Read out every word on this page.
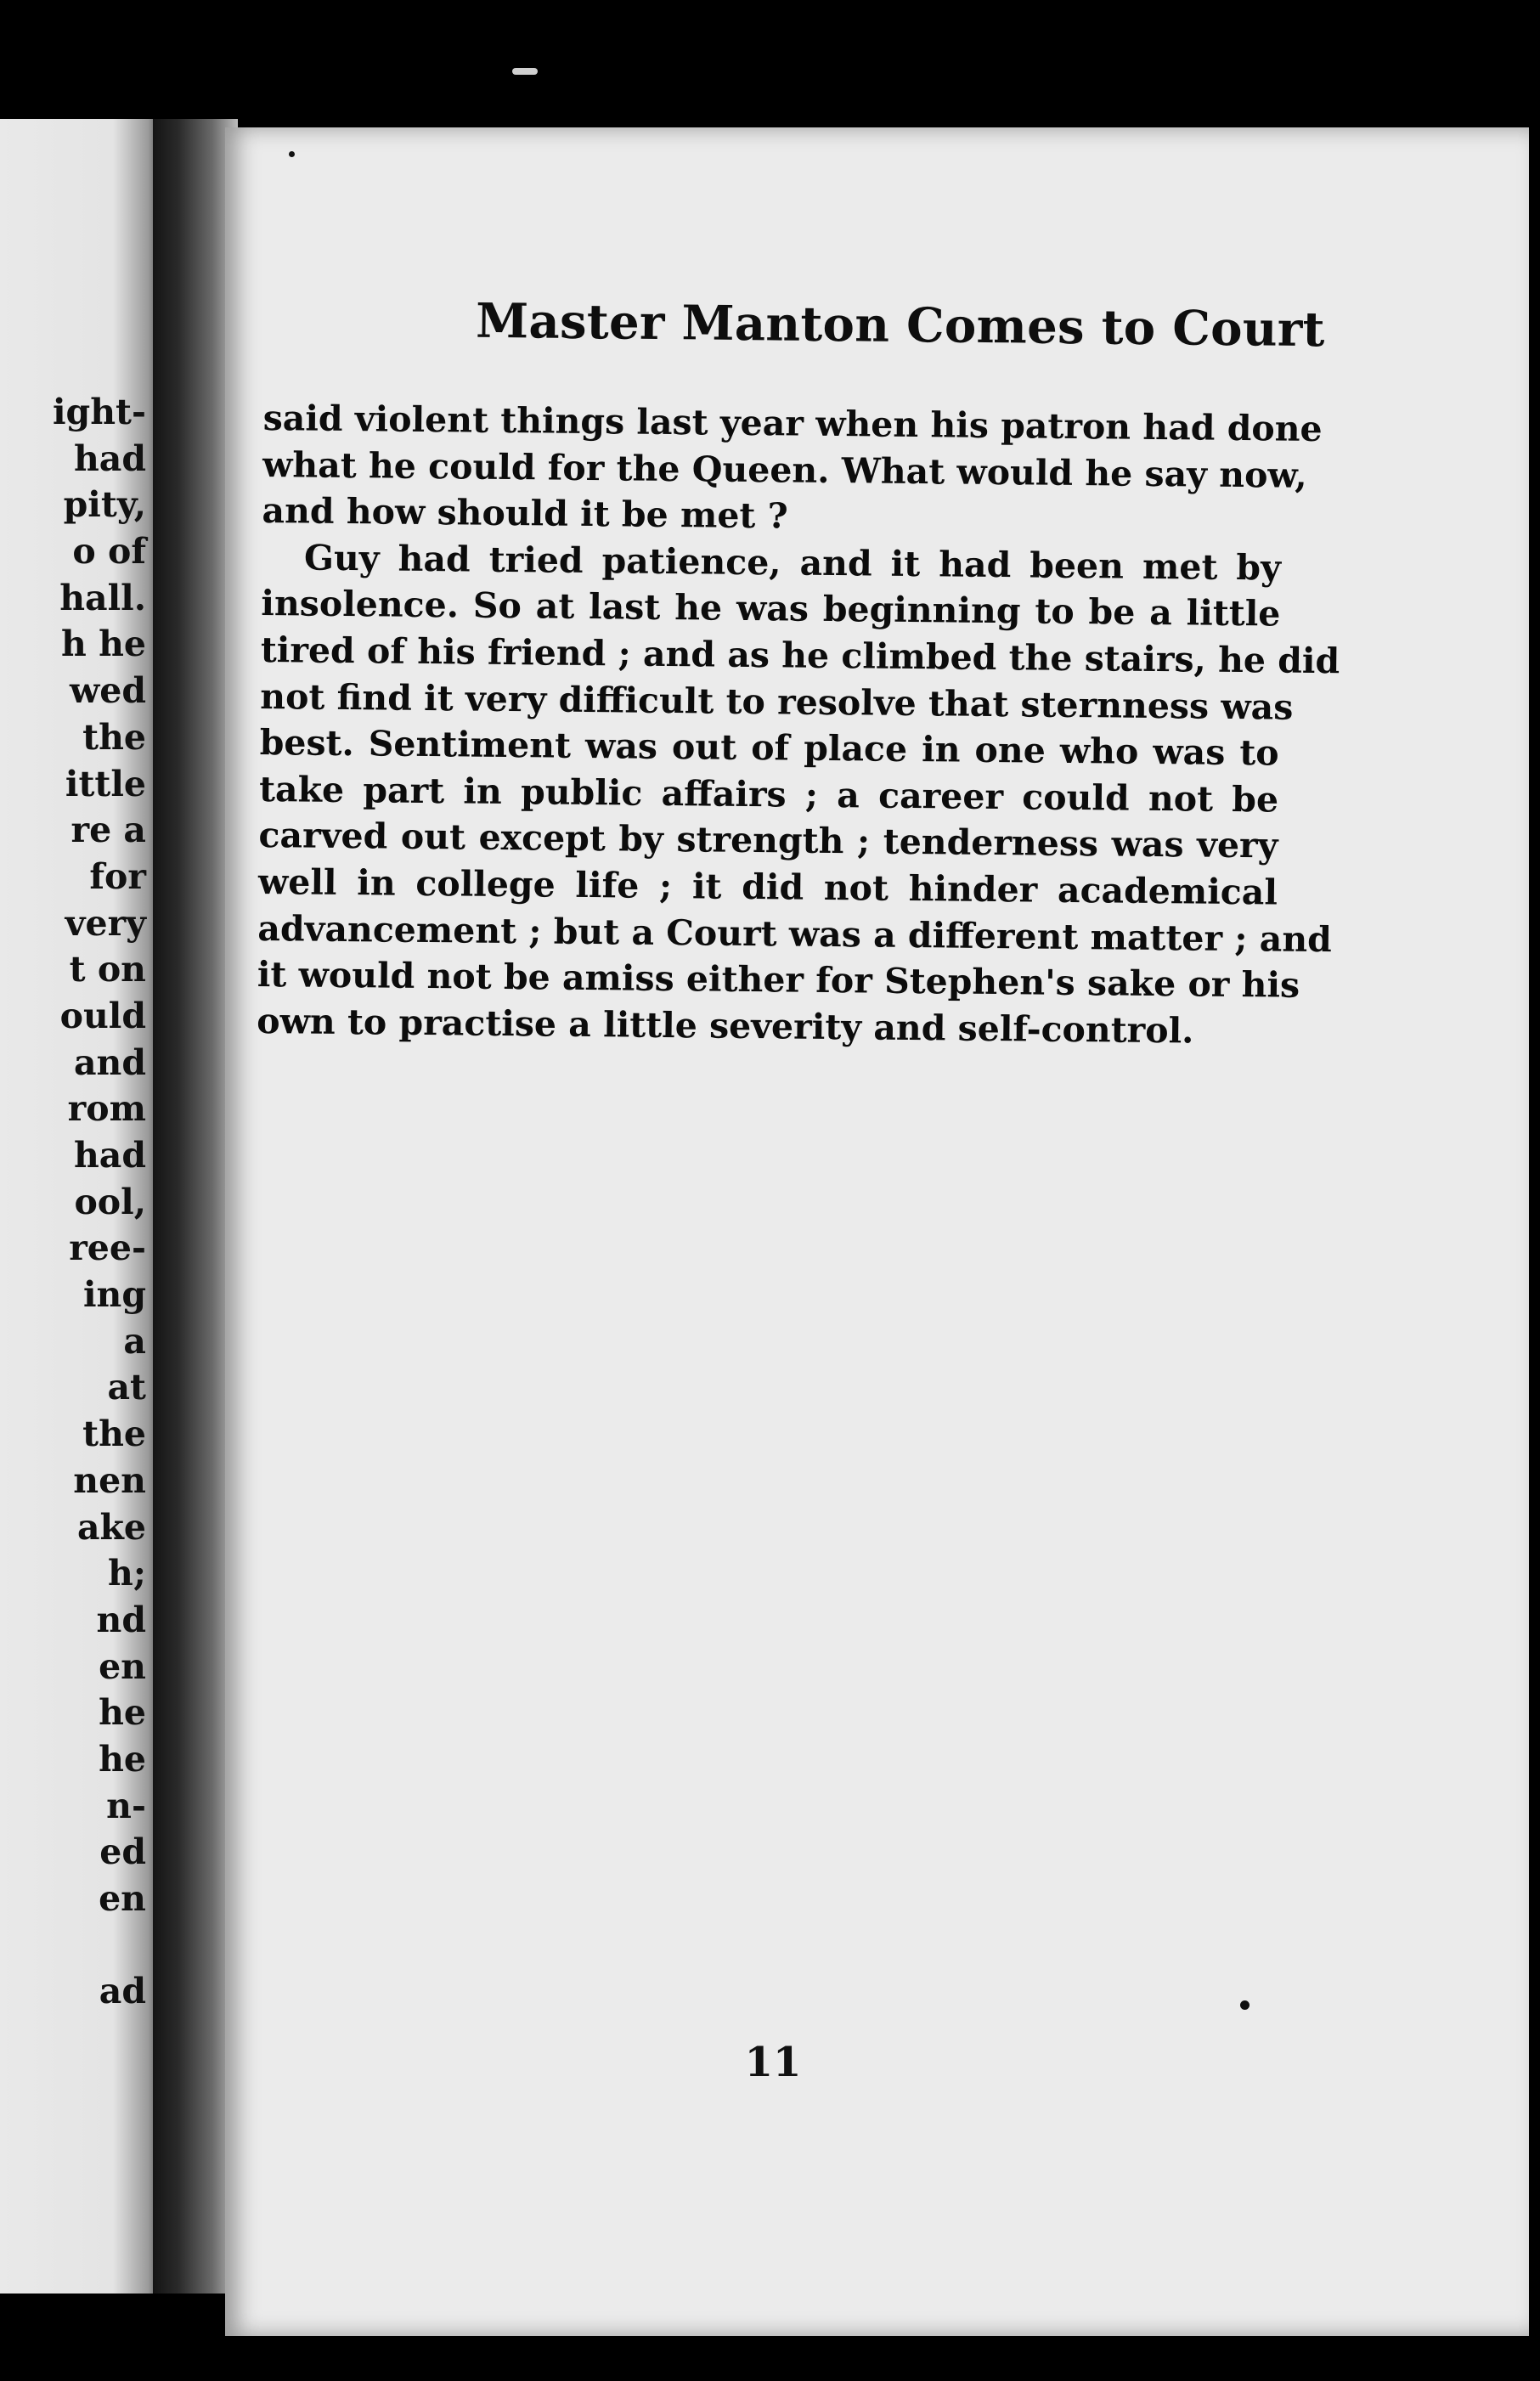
ight-
had
pity,
o of
hall.
h he
wed
the
ittle
re a
for
very
t on
ould
and
rom
had
ool,
ree-
ing
a
at
the
nen
ake
h;
nd
en
he
he
n-
ed
en
ad
Master Manton Comes to Court
said violent things last year when his patron had done
what he could for the Queen. What would he say now,
and how should it be met ?
Guy had tried patience, and it had been met by
insolence. So at last he was beginning to be a little
tired of his friend ; and as he climbed the stairs, he did
not find it very difficult to resolve that sternness was
best. Sentiment was out of place in one who was to
take part in public affairs ; a career could not be
carved out except by strength ; tenderness was very
well in college life ; it did not hinder academical
advancement ; but a Court was a different matter ; and
it would not be amiss either for Stephen's sake or his
own to practise a little severity and self-control.
11
